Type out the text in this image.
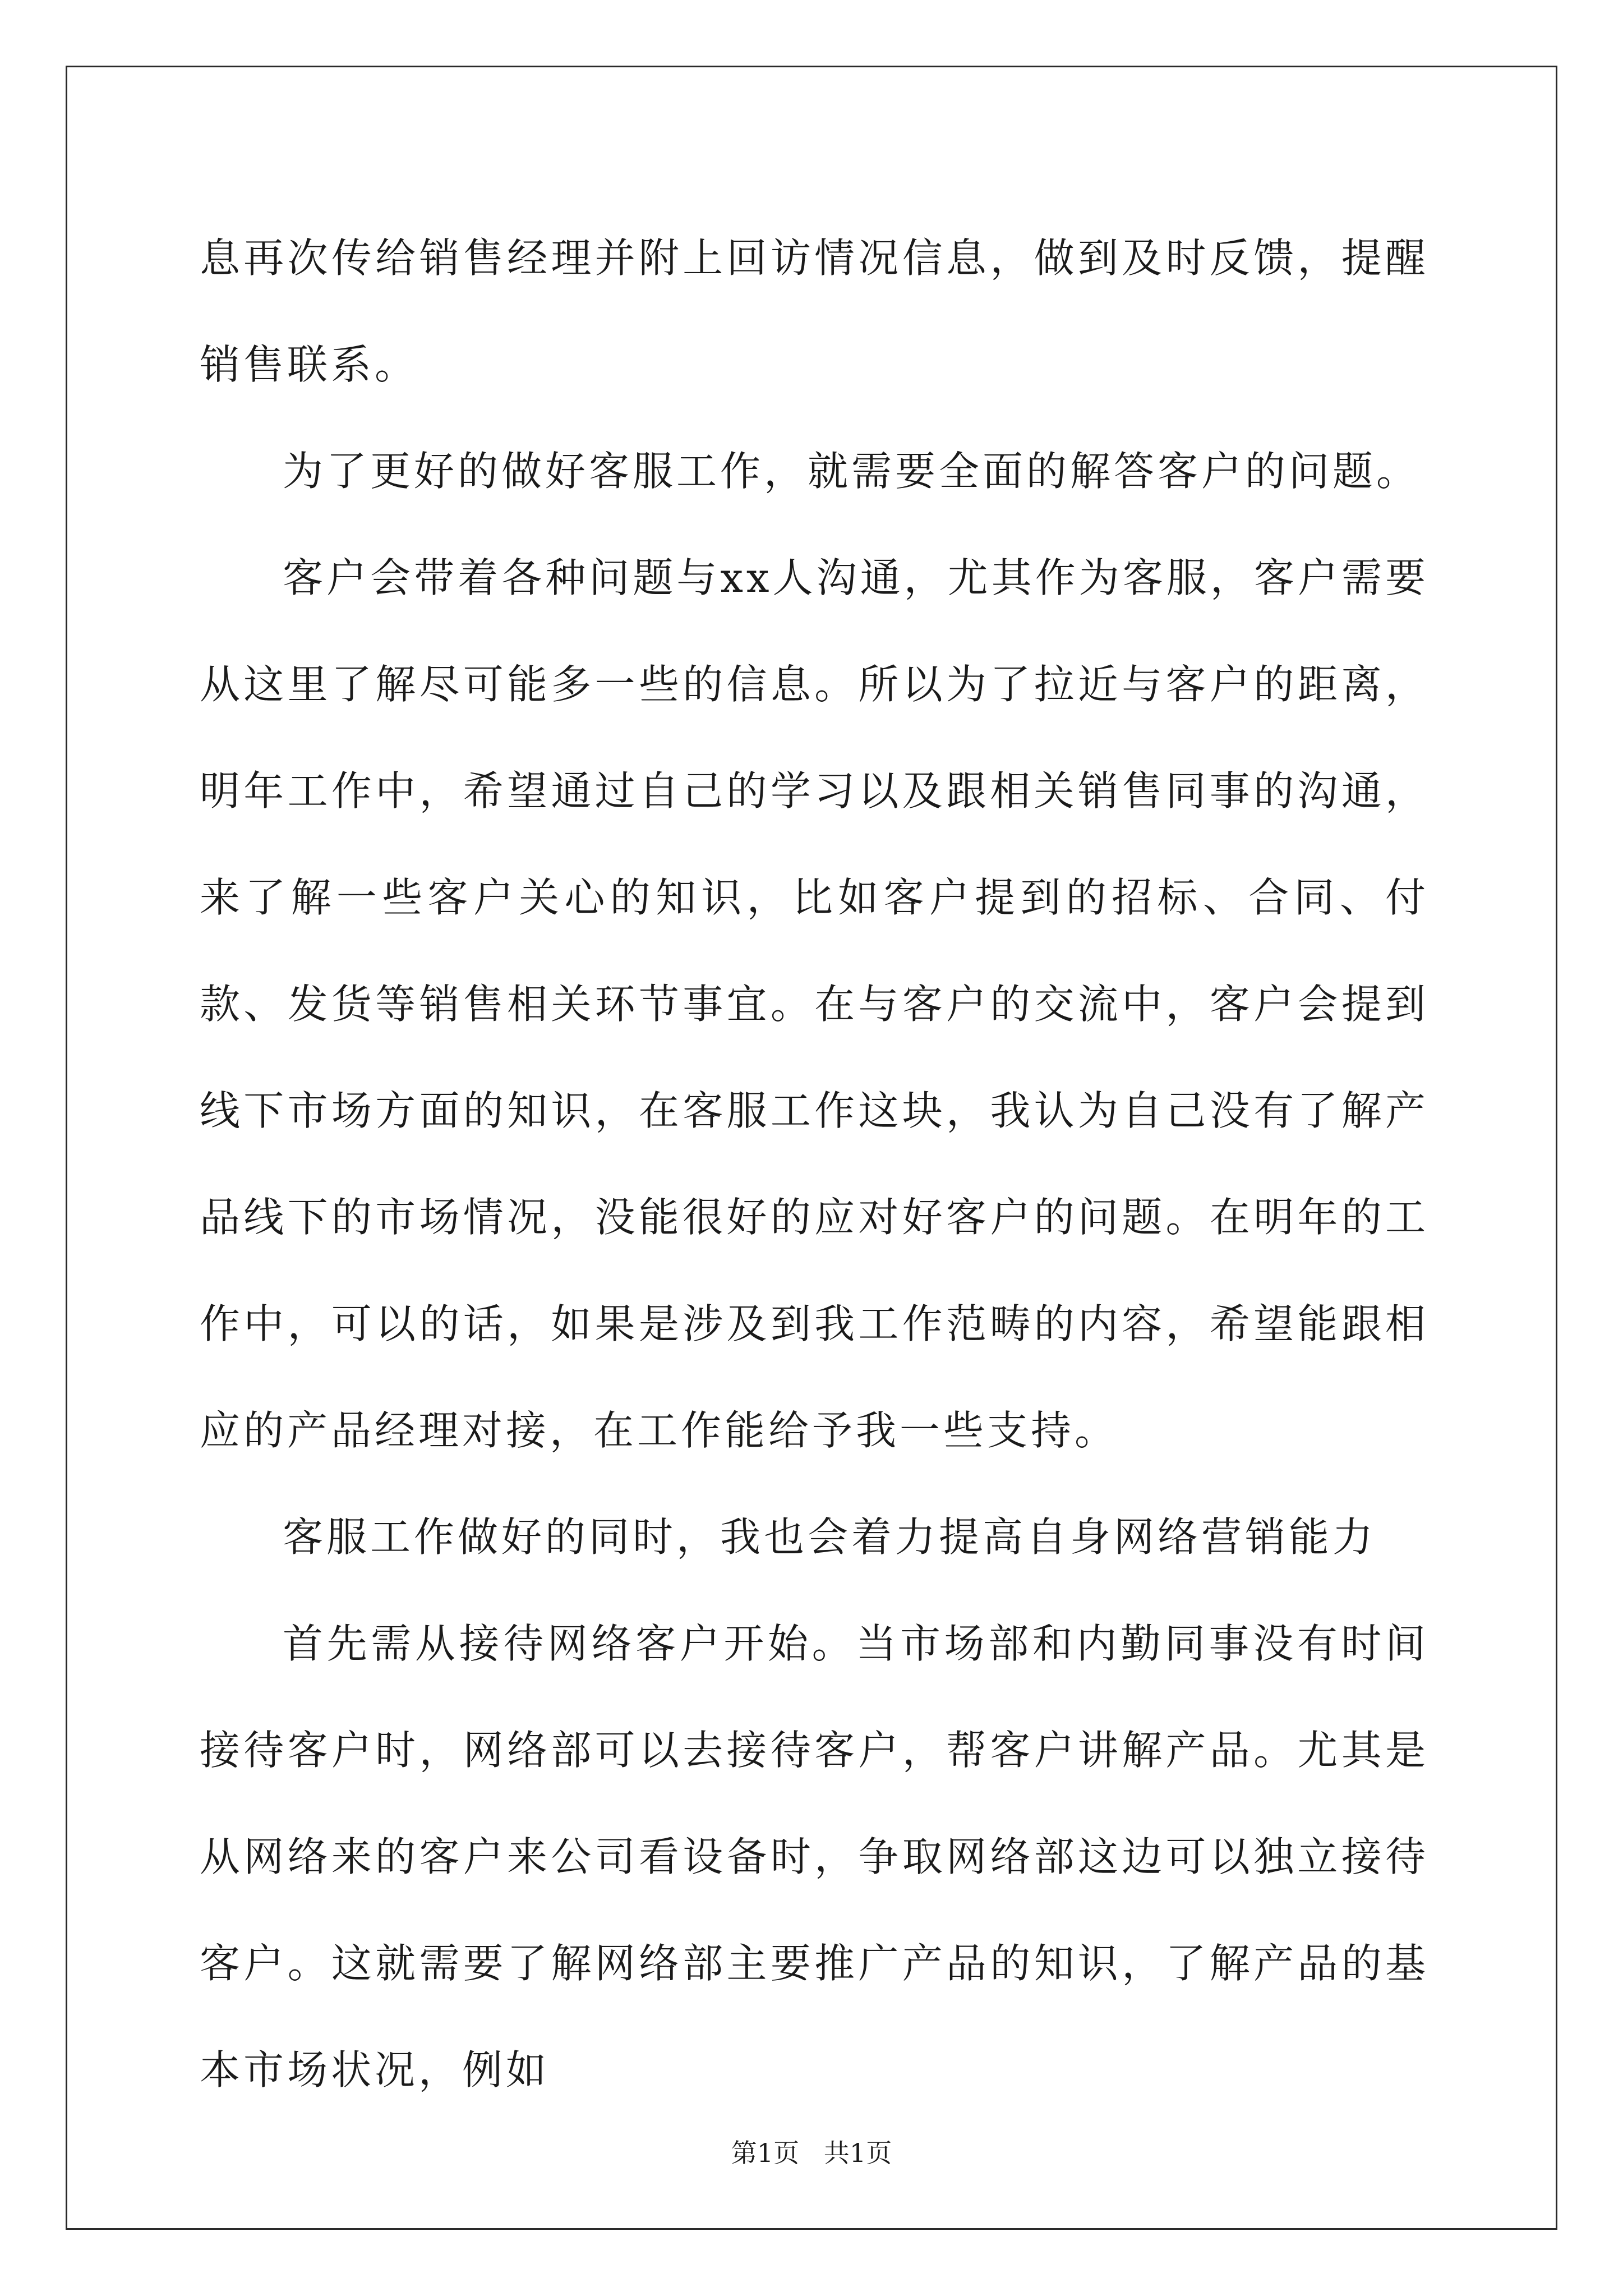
息再次传给销售经理并附上回访情况信息，做到及时反馈，提醒销售联系。

为了更好的做好客服工作，就需要全面的解答客户的问题。

客户会带着各种问题与xx人沟通，尤其作为客服，客户需要从这里了解尽可能多一些的信息。所以为了拉近与客户的距离，明年工作中，希望通过自己的学习以及跟相关销售同事的沟通，来了解一些客户关心的知识，比如客户提到的招标、合同、付款、发货等销售相关环节事宜。在与客户的交流中，客户会提到线下市场方面的知识，在客服工作这块，我认为自己没有了解产品线下的市场情况，没能很好的应对好客户的问题。在明年的工作中，可以的话，如果是涉及到我工作范畴的内容，希望能跟相应的产品经理对接，在工作能给予我一些支持。

客服工作做好的同时，我也会着力提高自身网络营销能力

首先需从接待网络客户开始。当市场部和内勤同事没有时间接待客户时，网络部可以去接待客户，帮客户讲解产品。尤其是从网络来的客户来公司看设备时，争取网络部这边可以独立接待客户。这就需要了解网络部主要推广产品的知识，了解产品的基本市场状况，例如

第1页   共1页
